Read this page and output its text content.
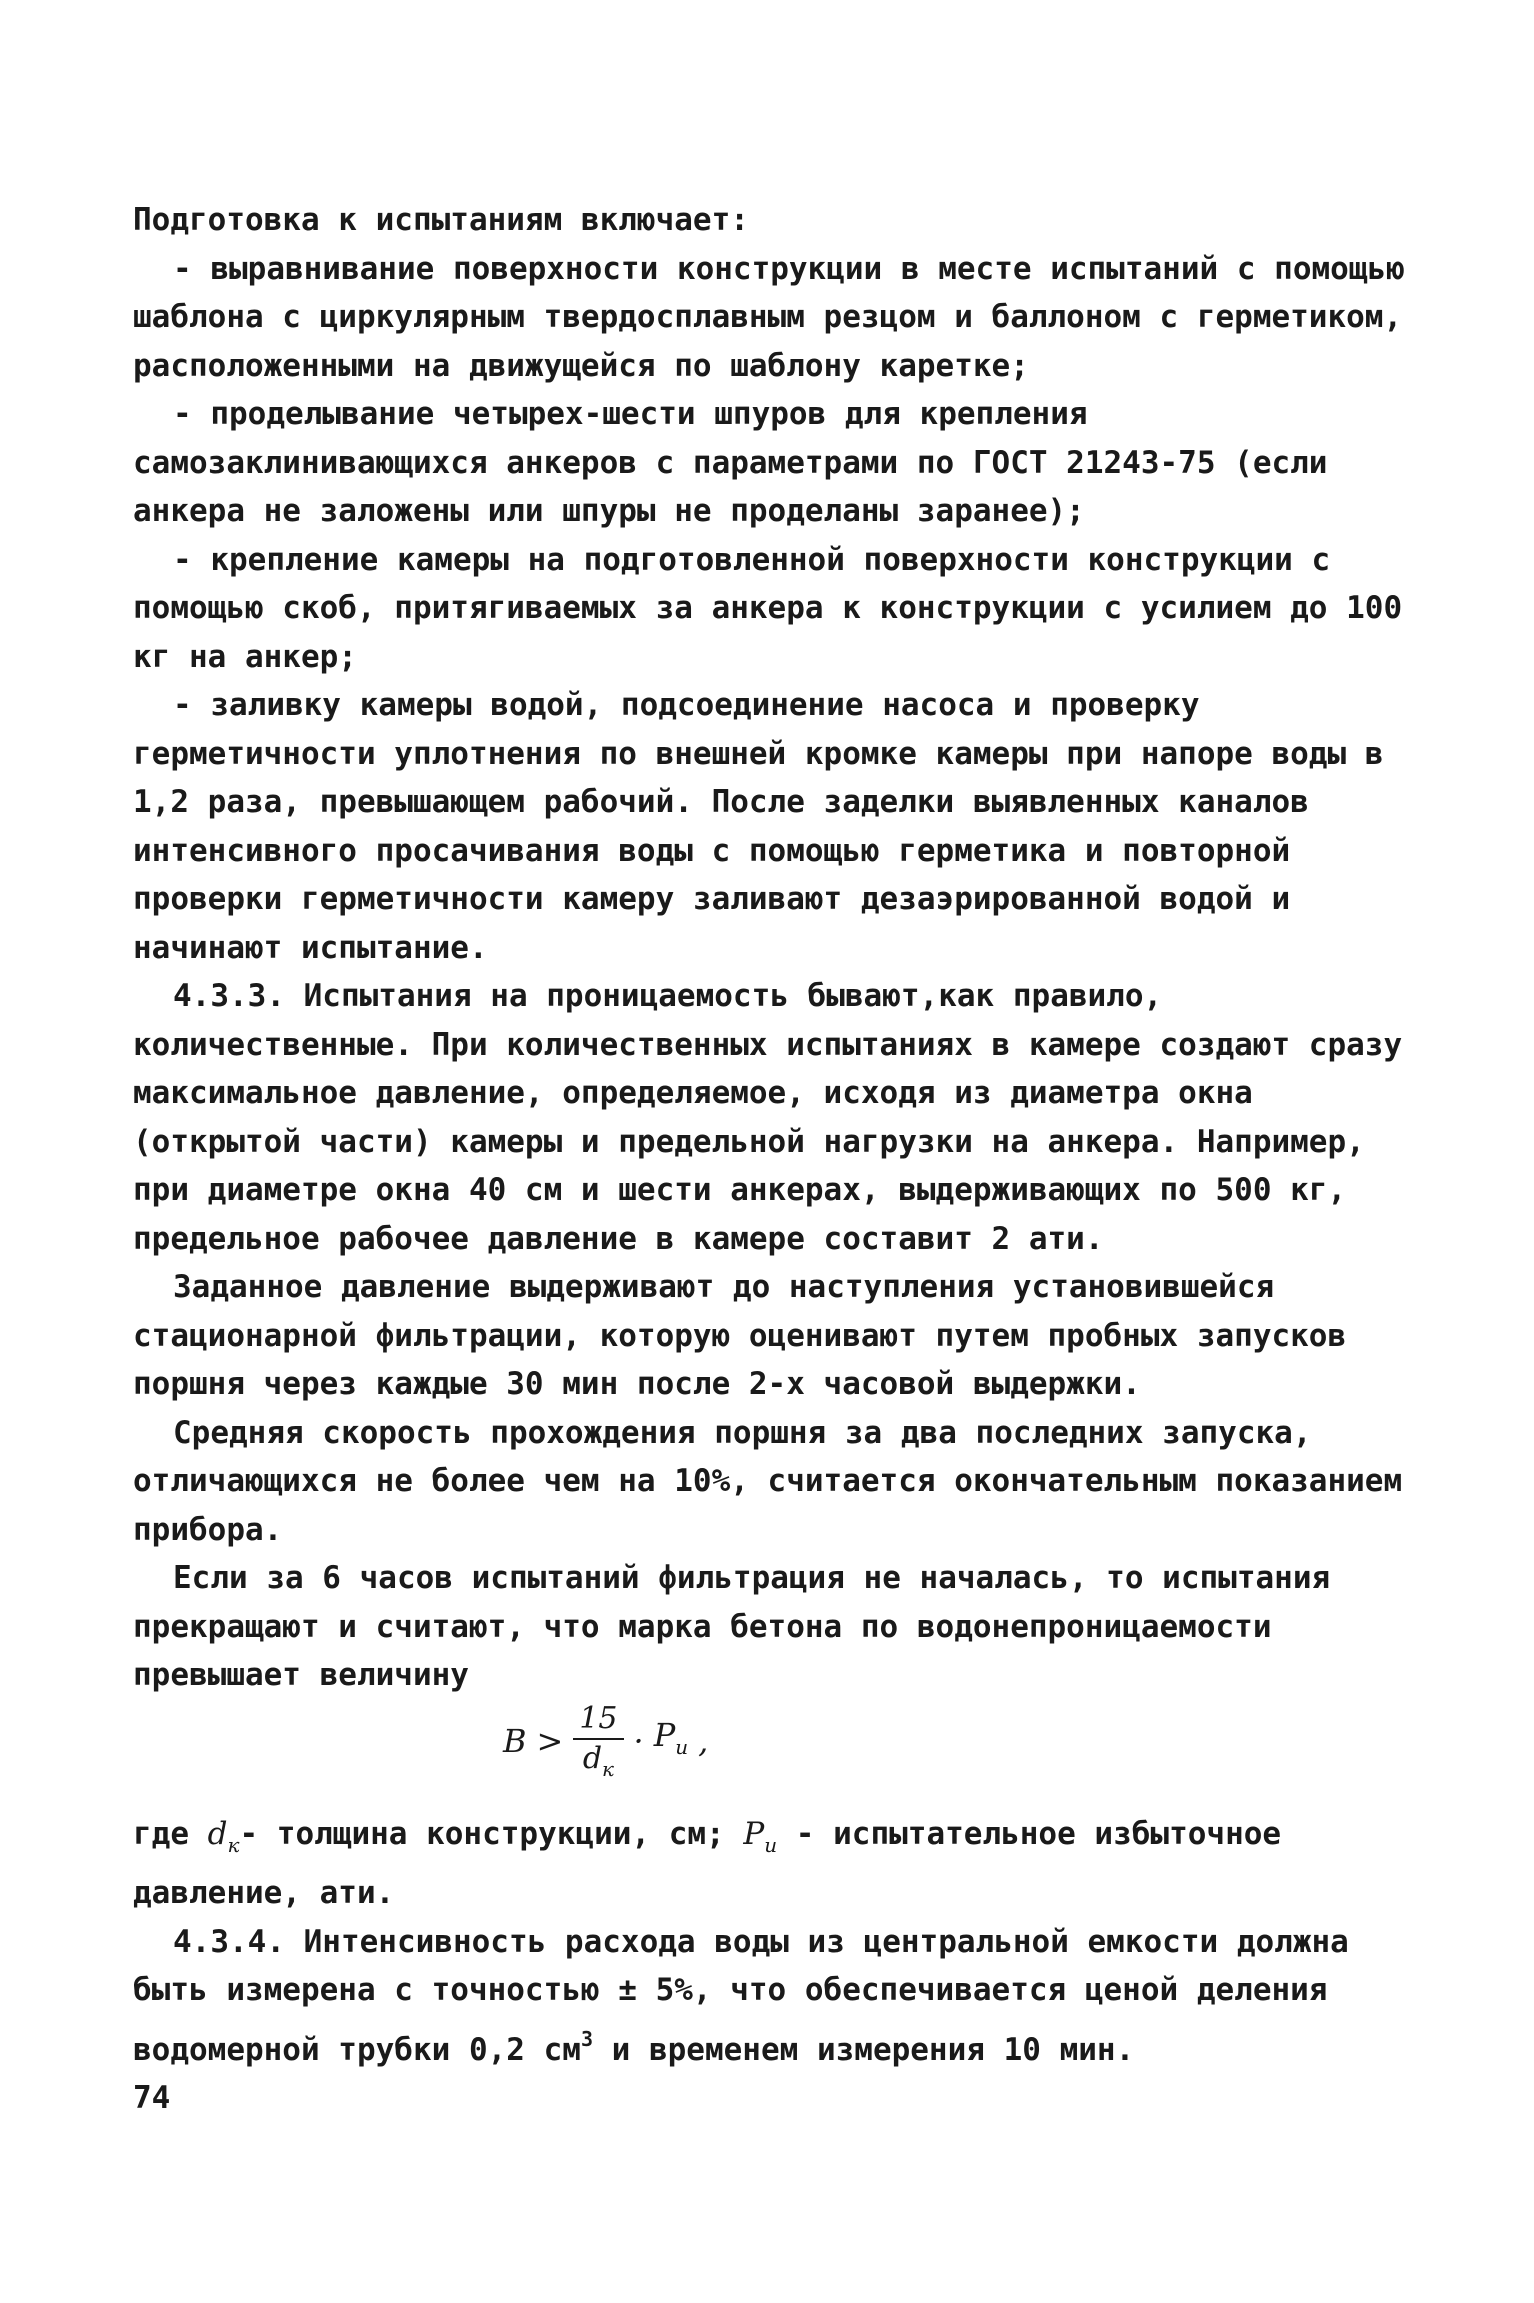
Подготовка к испытаниям включает:

- выравнивание поверхности конструкции в месте испытаний с помощью шаблона с циркулярным твердосплавным резцом и баллоном с герметиком, расположенными на движущейся по шаблону каретке;

- проделывание четырех-шести шпуров для крепления самозаклинивающихся анкеров с параметрами по ГОСТ 21243-75 (если анкера не заложены или шпуры не проделаны заранее);

- крепление камеры на подготовленной поверхности конструкции с помощью скоб, притягиваемых за анкера к конструкции с усилием до 100 кг на анкер;

- заливку камеры водой, подсоединение насоса и проверку герметичности уплотнения по внешней кромке камеры при напоре воды в 1,2 раза, превышающем рабочий. После заделки выявленных каналов интенсивного просачивания воды с помощью герметика и повторной проверки герметичности камеру заливают дезаэрированной водой и начинают испытание.

4.3.3. Испытания на проницаемость бывают,как правило, количественные. При количественных испытаниях в камере создают сразу максимальное давление, определяемое, исходя из диаметра окна (открытой части) камеры и предельной нагрузки на анкера. Например, при диаметре окна 40 см и шести анкерах, выдерживающих по 500 кг, предельное рабочее давление в камере составит 2 ати.

Заданное давление выдерживают до наступления установившейся стационарной фильтрации, которую оценивают путем пробных запусков поршня через каждые 30 мин после 2-х часовой выдержки.

Средняя скорость прохождения поршня за два последних запуска, отличающихся не более чем на 10%, считается окончательным показанием прибора.

Если за 6 часов испытаний фильтрация не началась, то испытания прекращают и считают, что марка бетона по водонепроницаемости превышает величину

$B > \frac{15}{d_к} \cdot P_и$ ,

где $d_к-$ толщина конструкции, см; $P_и$ - испытательное избыточное давление, ати.

4.3.4. Интенсивность расхода воды из центральной емкости должна быть измерена с точностью ± 5%, что обеспечивается ценой деления водомерной трубки 0,2 $см^3$ и временем измерения 10 мин.

74
